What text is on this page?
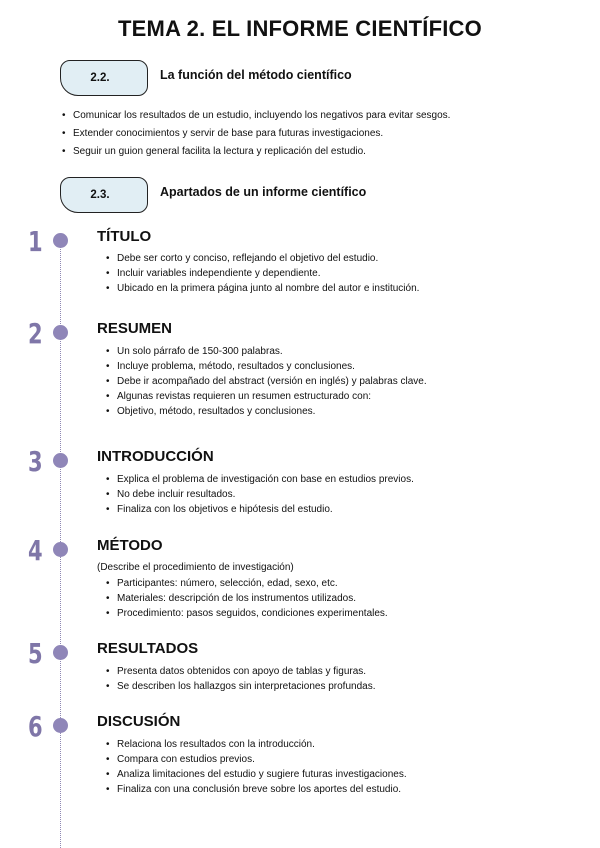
TEMA 2. EL INFORME CIENTÍFICO
2.2.	La función del método científico
• Comunicar los resultados de un estudio, incluyendo los negativos para evitar sesgos.
• Extender conocimientos y servir de base para futuras investigaciones.
• Seguir un guion general facilita la lectura y replicación del estudio.
2.3.	Apartados de un informe científico
1	TÍTULO
• Debe ser corto y conciso, reflejando el objetivo del estudio.
• Incluir variables independiente y dependiente.
• Ubicado en la primera página junto al nombre del autor e institución.
2	RESUMEN
• Un solo párrafo de 150-300 palabras.
• Incluye problema, método, resultados y conclusiones.
• Debe ir acompañado del abstract (versión en inglés) y palabras clave.
• Algunas revistas requieren un resumen estructurado con:
• Objetivo, método, resultados y conclusiones.
3	INTRODUCCIÓN
• Explica el problema de investigación con base en estudios previos.
• No debe incluir resultados.
• Finaliza con los objetivos e hipótesis del estudio.
4	MÉTODO
(Describe el procedimiento de investigación)
• Participantes: número, selección, edad, sexo, etc.
• Materiales: descripción de los instrumentos utilizados.
• Procedimiento: pasos seguidos, condiciones experimentales.
5	RESULTADOS
• Presenta datos obtenidos con apoyo de tablas y figuras.
• Se describen los hallazgos sin interpretaciones profundas.
6	DISCUSIÓN
• Relaciona los resultados con la introducción.
• Compara con estudios previos.
• Analiza limitaciones del estudio y sugiere futuras investigaciones.
• Finaliza con una conclusión breve sobre los aportes del estudio.
